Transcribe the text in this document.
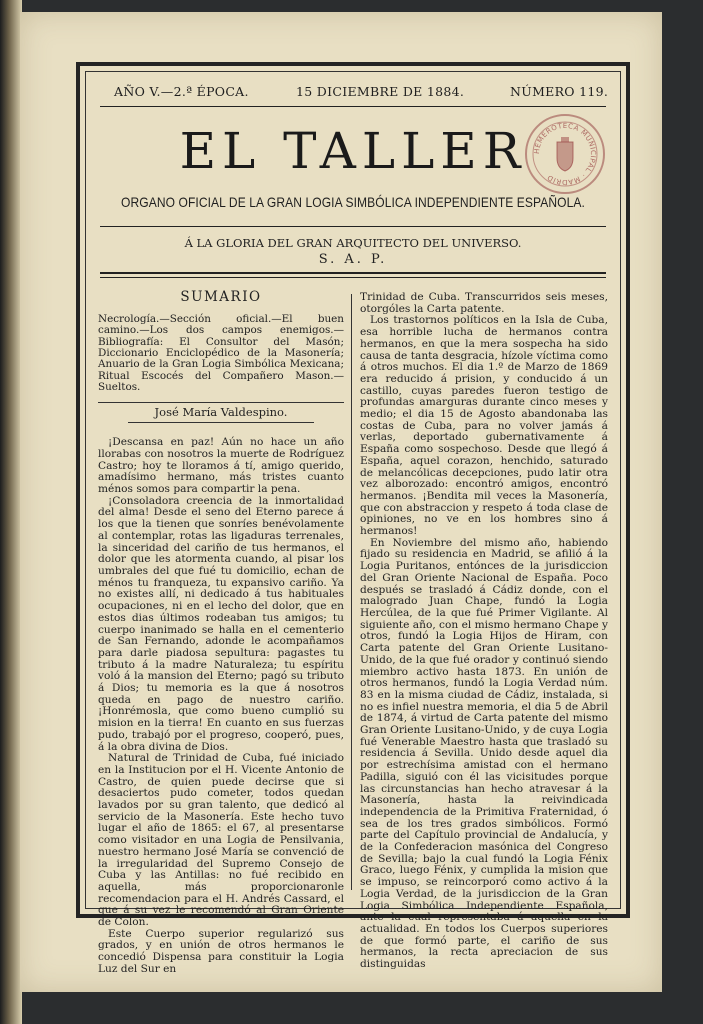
AÑO V.—2.ª ÉPOCA.	15 DICIEMBRE DE 1884.	NÚMERO 119.
EL TALLER
ORGANO OFICIAL DE LA GRAN LOGIA SIMBÓLICA INDEPENDIENTE ESPAÑOLA.
Á LA GLORIA DEL GRAN ARQUITECTO DEL UNIVERSO.
S. A. P.
HEMEROTECA MUNICIPAL · MADRID
SUMARIO

Necrología.—Sección oficial.—El buen camino.—Los dos campos enemigos.—Bibliografía: El Consultor del Masón; Diccionario Enciclopédico de la Masonería; Anuario de la Gran Logia Simbólica Mexicana; Ritual Escocés del Compañero Mason.—Sueltos.

José María Valdespino.

¡Descansa en paz! Aún no hace un año llorabas con nosotros la muerte de Rodríguez Castro; hoy te lloramos á tí, amigo querido, amadísimo hermano, más tristes cuanto ménos somos para compartir la pena.

¡Consoladora creencia de la inmortalidad del alma! Desde el seno del Eterno parece á los que la tienen que sonríes benévolamente al contemplar, rotas las ligaduras terrenales, la sinceridad del cariño de tus hermanos, el dolor que les atormenta cuando, al pisar los umbrales del que fué tu domicilio, echan de ménos tu franqueza, tu expansivo cariño. Ya no existes allí, ni dedicado á tus habituales ocupaciones, ni en el lecho del dolor, que en estos dias últimos rodeaban tus amigos; tu cuerpo inanimado se halla en el cementerio de San Fernando, adonde le acompañamos para darle piadosa sepultura: pagastes tu tributo á la madre Naturaleza; tu espíritu voló á la mansion del Eterno; pagó su tributo á Dios; tu memoria es la que á nosotros queda en pago de nuestro cariño. ¡Honrémosla, que como bueno cumplió su mision en la tierra! En cuanto en sus fuerzas pudo, trabajó por el progreso, cooperó, pues, á la obra divina de Dios.

Natural de Trinidad de Cuba, fué iniciado en la Institucion por el H. Vicente Antonio de Castro, de quien puede decirse que si desaciertos pudo cometer, todos quedan lavados por su gran talento, que dedicó al servicio de la Masonería. Este hecho tuvo lugar el año de 1865: el 67, al presentarse como visitador en una Logia de Pensilvania, nuestro hermano José María se convenció de la irregularidad del Supremo Consejo de Cuba y las Antillas: no fué recibido en aquella, más proporcionaronle recomendacion para el H. Andrés Cassard, el que á su vez le recomendó al Gran Oriente de Colon.

Este Cuerpo superior regularizó sus grados, y en unión de otros hermanos le concedió Dispensa para constituir la Logia Luz del Sur en

Trinidad de Cuba. Transcurridos seis meses, otorgóles la Carta patente.

Los trastornos políticos en la Isla de Cuba, esa horrible lucha de hermanos contra hermanos, en que la mera sospecha ha sido causa de tanta desgracia, hízole víctima como á otros muchos. El dia 1.º de Marzo de 1869 era reducido á prision, y conducido á un castillo, cuyas paredes fueron testigo de profundas amarguras durante cinco meses y medio; el dia 15 de Agosto abandonaba las costas de Cuba, para no volver jamás á verlas, deportado gubernativamente á España como sospechoso. Desde que llegó á España, aquel corazon, henchido, saturado de melancólicas decepciones, pudo latir otra vez alborozado: encontró amigos, encontró hermanos. ¡Bendita mil veces la Masonería, que con abstraccion y respeto á toda clase de opiniones, no ve en los hombres sino á hermanos!

En Noviembre del mismo año, habiendo fijado su residencia en Madrid, se afilió á la Logia Puritanos, entónces de la jurisdiccion del Gran Oriente Nacional de España. Poco después se trasladó á Cádiz donde, con el malogrado Juan Chape, fundó la Logia Hercúlea, de la que fué Primer Vigilante. Al siguiente año, con el mismo hermano Chape y otros, fundó la Logia Hijos de Hiram, con Carta patente del Gran Oriente Lusitano-Unido, de la que fué orador y continuó siendo miembro activo hasta 1873. En unión de otros hermanos, fundó la Logia Verdad núm. 83 en la misma ciudad de Cádiz, instalada, si no es infiel nuestra memoria, el dia 5 de Abril de 1874, á virtud de Carta patente del mismo Gran Oriente Lusitano-Unido, y de cuya Logia fué Venerable Maestro hasta que trasladó su residencia á Sevilla. Unido desde aquel dia por estrechísima amistad con el hermano Padilla, siguió con él las vicisitudes porque las circunstancias han hecho atravesar á la Masonería, hasta la reivindicada independencia de la Primitiva Fraternidad, ó sea de los tres grados simbólicos. Formó parte del Capítulo provincial de Andalucía, y de la Confederacion masónica del Congreso de Sevilla; bajo la cual fundó la Logia Fénix Graco, luego Fénix, y cumplida la mision que se impuso, se reincorporó como activo á la Logia Verdad, de la jurisdiccion de la Gran Logia Simbólica Independiente Española, ante la cual representaba á aquella en la actualidad. En todos los Cuerpos superiores de que formó parte, el cariño de sus hermanos, la recta apreciacion de sus distinguidas
